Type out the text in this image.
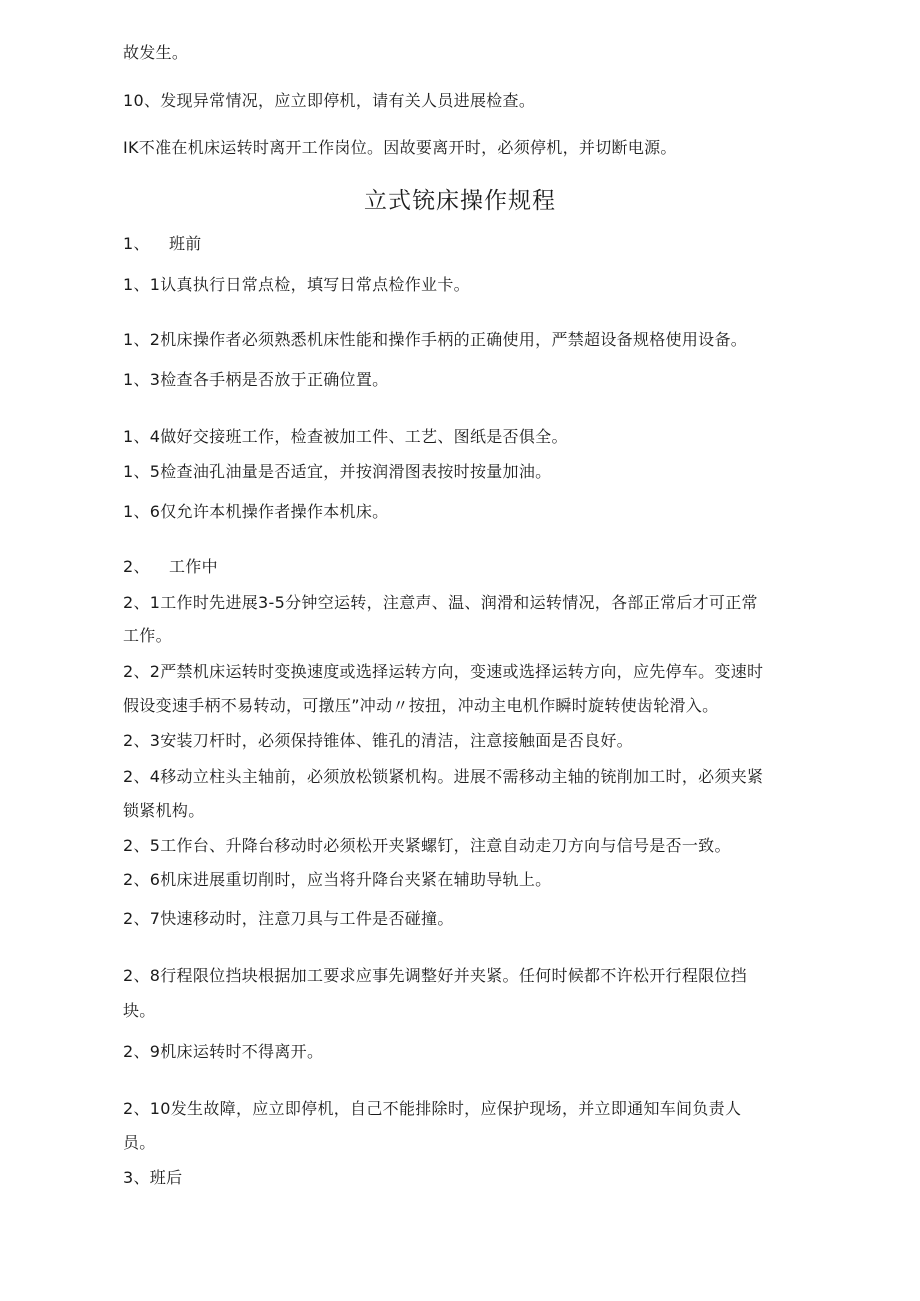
故发生。
10、发现异常情况，应立即停机，请有关人员进展检查。
IK不准在机床运转时离开工作岗位。因故要离开时，必须停机，并切断电源。
立式铳床操作规程
1、 班前
1、1认真执行日常点检，填写日常点检作业卡。
1、2机床操作者必须熟悉机床性能和操作手柄的正确使用，严禁超设备规格使用设备。
1、3检查各手柄是否放于正确位置。
1、4做好交接班工作，检查被加工件、工艺、图纸是否俱全。
1、5检查油孔油量是否适宜，并按润滑图表按时按量加油。
1、6仅允许本机操作者操作本机床。
2、 工作中
2、1工作时先进展3-5分钟空运转，注意声、温、润滑和运转情况，各部正常后才可正常
工作。
2、2严禁机床运转时变换速度或选择运转方向，变速或选择运转方向，应先停车。变速时
假设变速手柄不易转动，可撴压”冲动〃按扭，冲动主电机作瞬时旋转使齿轮滑入。
2、3安装刀杆时，必须保持锥体、锥孔的清洁，注意接触面是否良好。
2、4移动立柱头主轴前，必须放松锁紧机构。进展不需移动主轴的铳削加工时，必须夹紧
锁紧机构。
2、5工作台、升降台移动时必须松开夹紧螺钉，注意自动走刀方向与信号是否一致。
2、6机床进展重切削时，应当将升降台夹紧在辅助导轨上。
2、7快速移动时，注意刀具与工件是否碰撞。
2、8行程限位挡块根据加工要求应事先调整好并夹紧。任何时候都不许松开行程限位挡
块。
2、9机床运转时不得离开。
2、10发生故障，应立即停机，自己不能排除时，应保护现场，并立即通知车间负责人
员。
3、班后
